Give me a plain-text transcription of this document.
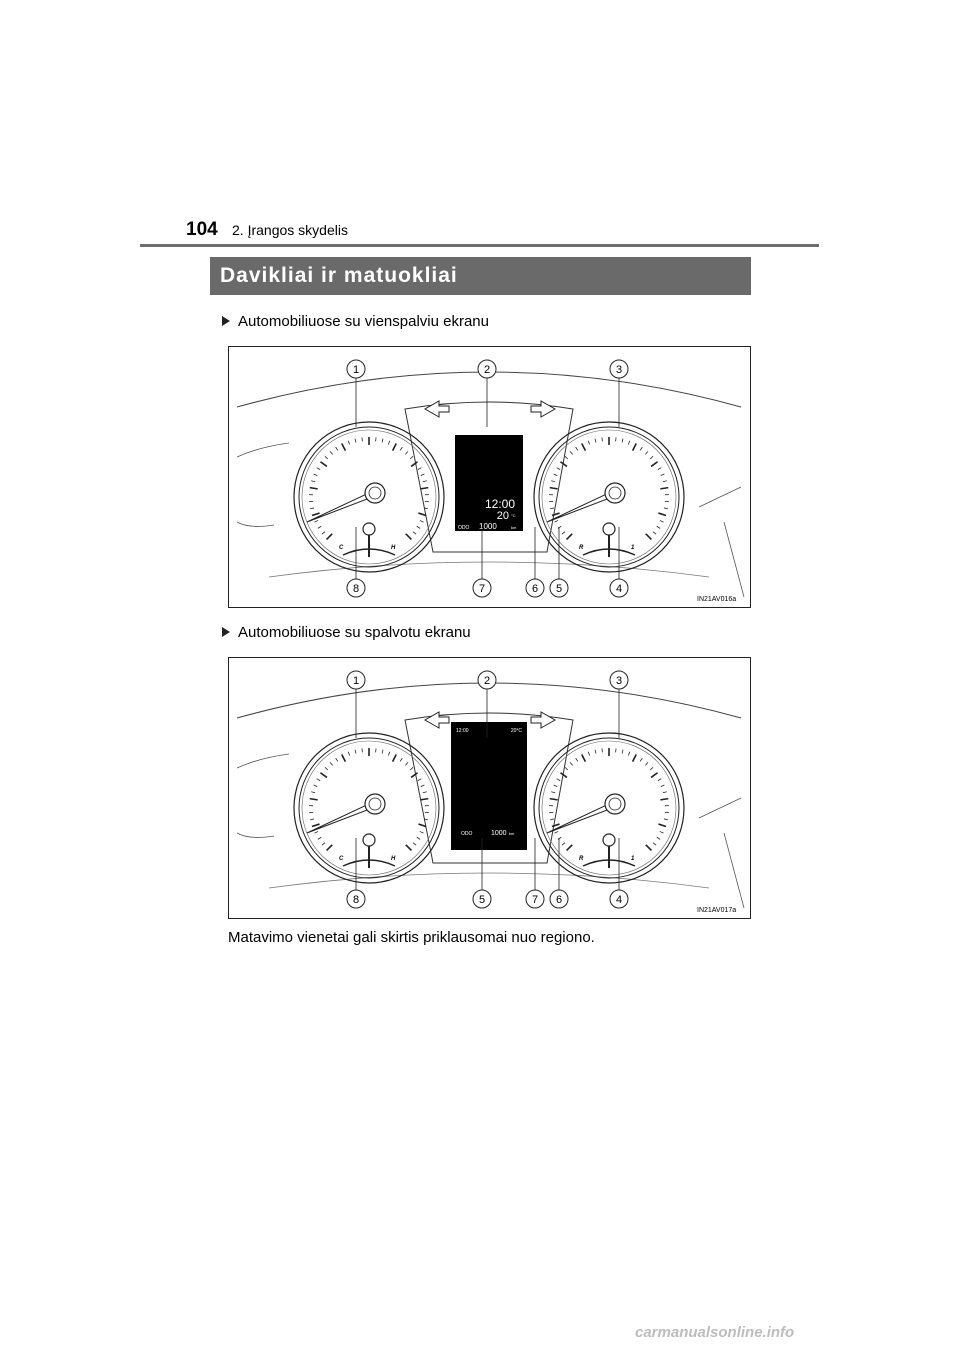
104 2. Įrangos skydelis
Davikliai ir matuokliai
Automobiliuose su vienspalviu ekranu
C	H	R	1
12:00
20 °C
ODO 1000	km
1	2	3
8	7	6 5	4
IN21AV016a
Automobiliuose su spalvotu ekranu
C	H	R	1
12:00	20°C
ODO	1000 km
1	2	3
8	5	7 6	4
IN21AV017a
Matavimo vienetai gali skirtis priklausomai nuo regiono.
carmanualsonline.info
